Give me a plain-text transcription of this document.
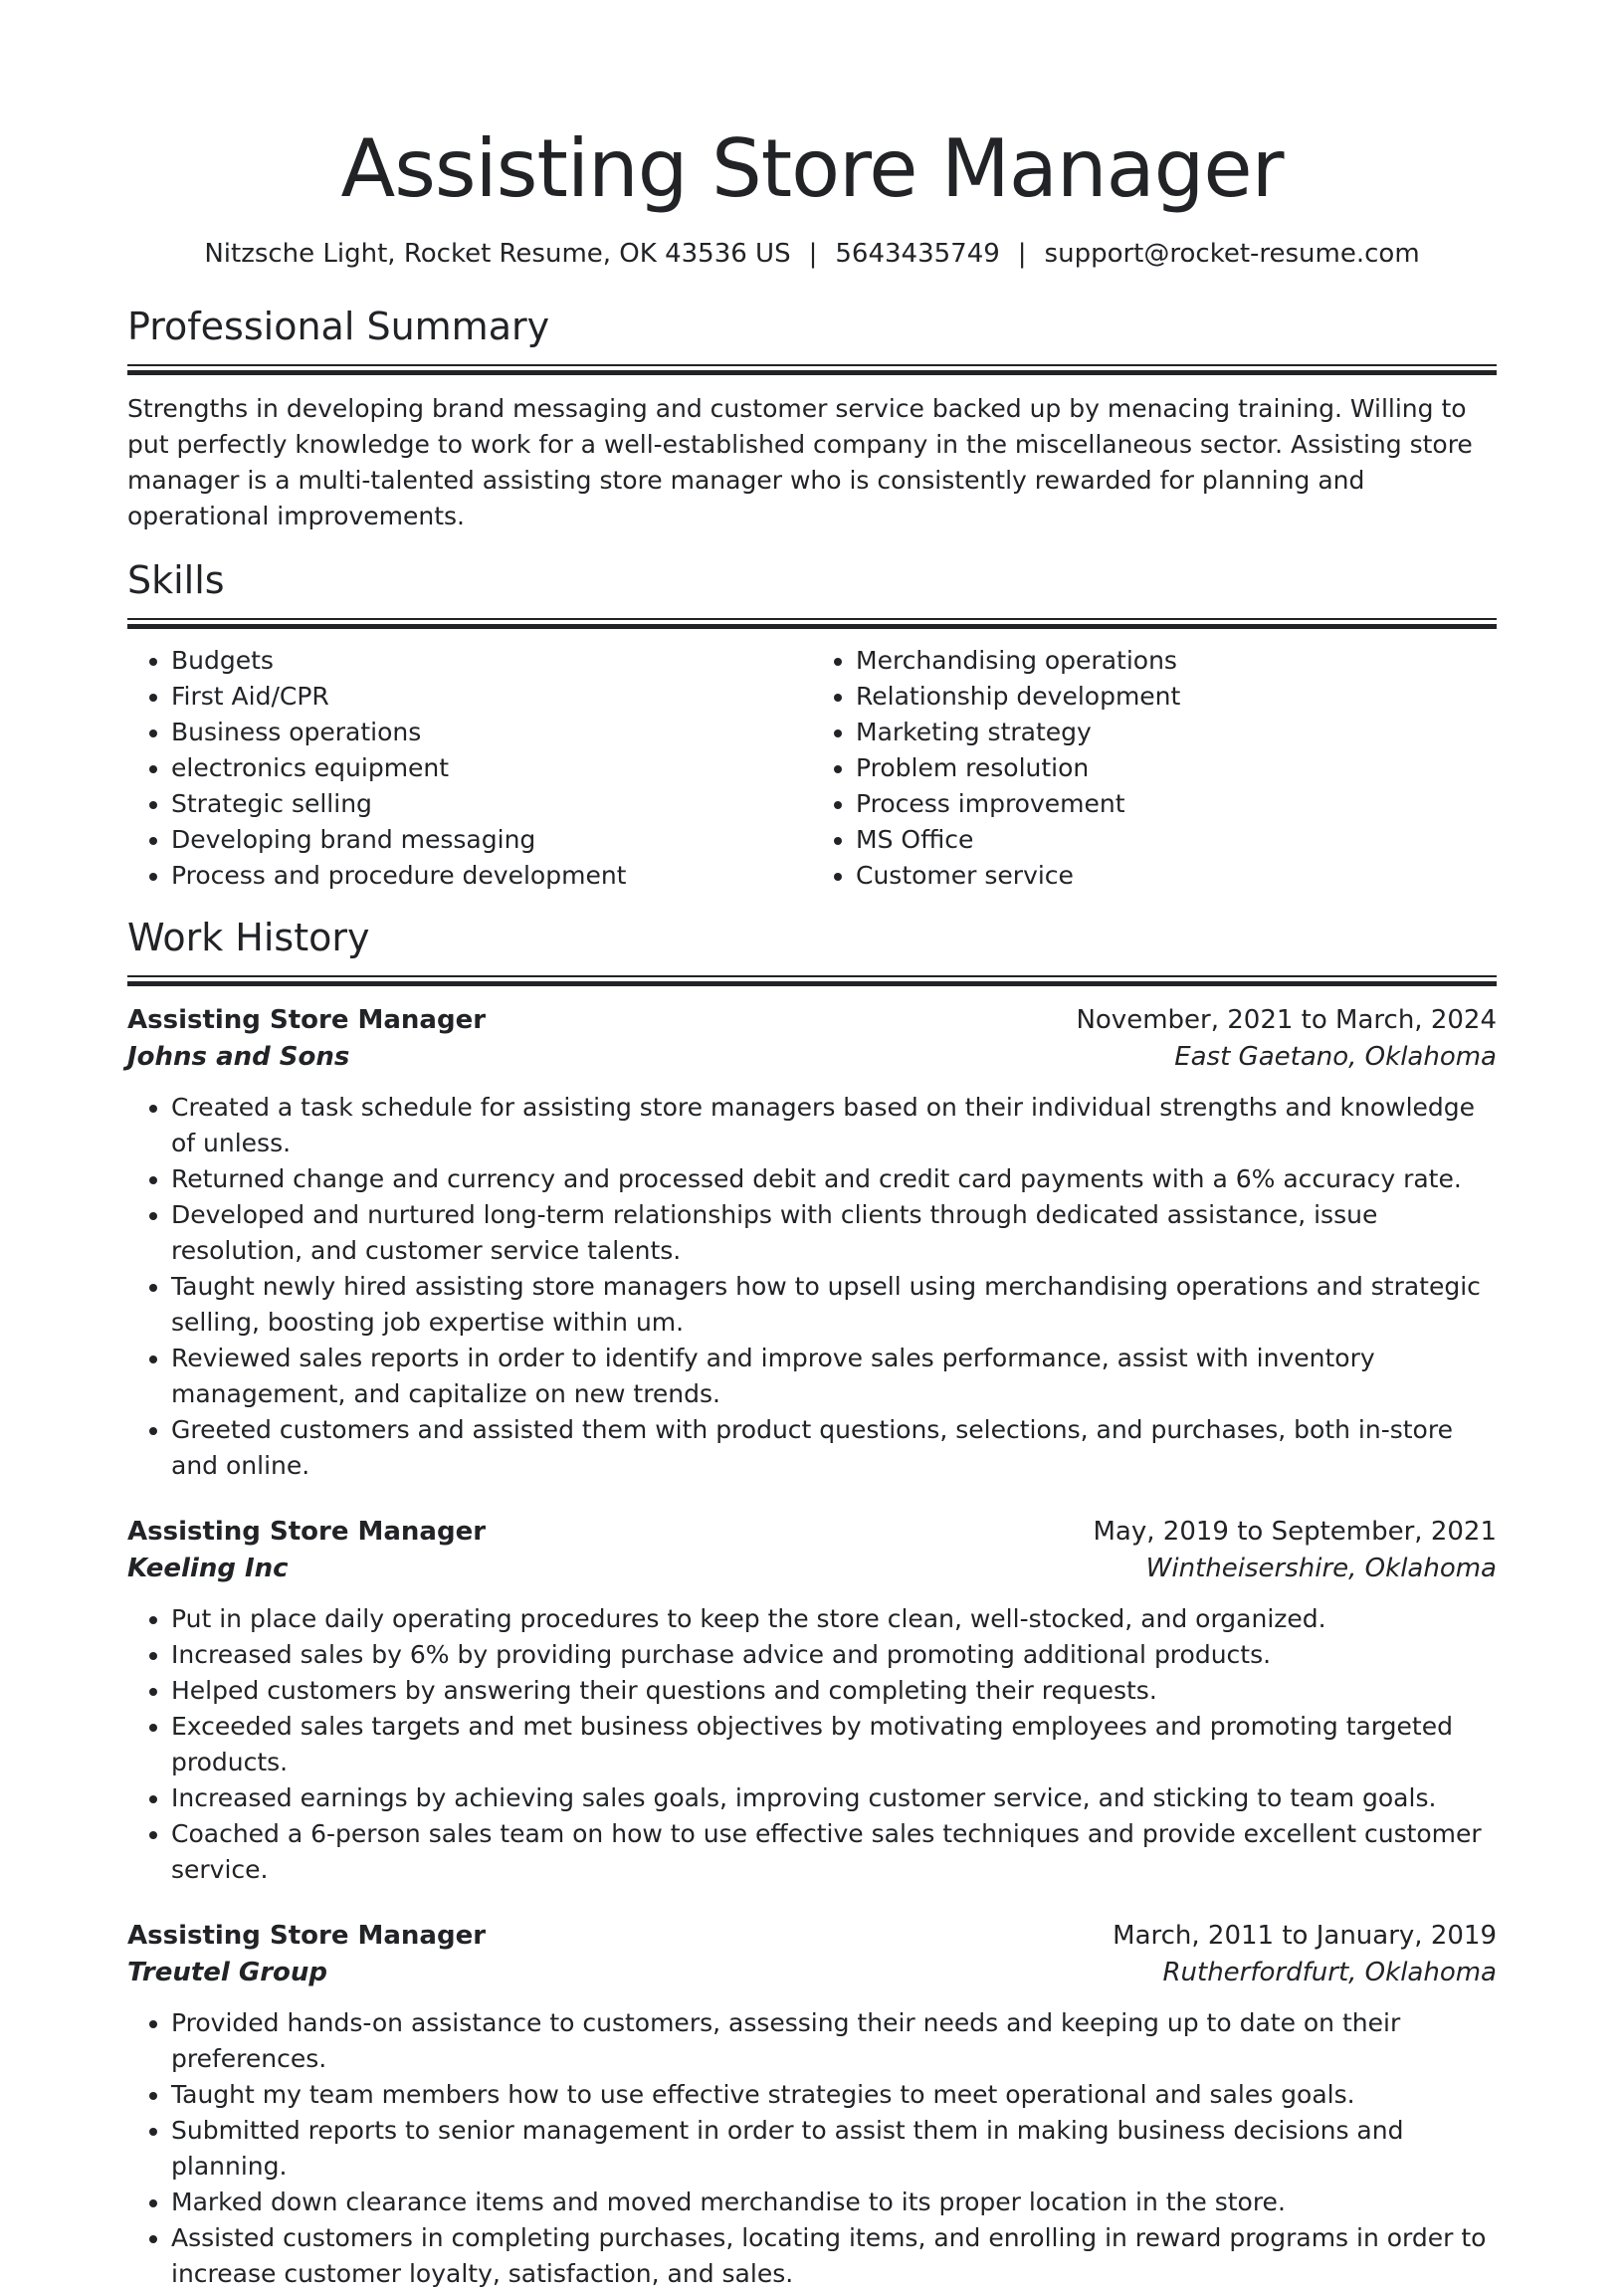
Assisting Store Manager
Nitzsche Light, Rocket Resume, OK 43536 US | 5643435749 | support@rocket-resume.com
Professional Summary

Strengths in developing brand messaging and customer service backed up by menacing training. Willing to put perfectly knowledge to work for a well-established company in the miscellaneous sector. Assisting store manager is a multi-talented assisting store manager who is consistently rewarded for planning and operational improvements.

Skills
• Budgets
• First Aid/CPR
• Business operations
• electronics equipment
• Strategic selling
• Developing brand messaging
• Process and procedure development
• Merchandising operations
• Relationship development
• Marketing strategy
• Problem resolution
• Process improvement
• MS Office
• Customer service
Work History
Assisting Store Manager	November, 2021 to March, 2024
Johns and Sons	East Gaetano, Oklahoma
• Created a task schedule for assisting store managers based on their individual strengths and knowledge of unless.
• Returned change and currency and processed debit and credit card payments with a 6% accuracy rate.
• Developed and nurtured long-term relationships with clients through dedicated assistance, issue resolution, and customer service talents.
• Taught newly hired assisting store managers how to upsell using merchandising operations and strategic selling, boosting job expertise within um.
• Reviewed sales reports in order to identify and improve sales performance, assist with inventory management, and capitalize on new trends.
• Greeted customers and assisted them with product questions, selections, and purchases, both in-store and online.
Assisting Store Manager	May, 2019 to September, 2021
Keeling Inc	Wintheisershire, Oklahoma
• Put in place daily operating procedures to keep the store clean, well-stocked, and organized.
• Increased sales by 6% by providing purchase advice and promoting additional products.
• Helped customers by answering their questions and completing their requests.
• Exceeded sales targets and met business objectives by motivating employees and promoting targeted products.
• Increased earnings by achieving sales goals, improving customer service, and sticking to team goals.
• Coached a 6-person sales team on how to use effective sales techniques and provide excellent customer service.
Assisting Store Manager	March, 2011 to January, 2019
Treutel Group	Rutherfordfurt, Oklahoma
• Provided hands-on assistance to customers, assessing their needs and keeping up to date on their preferences.
• Taught my team members how to use effective strategies to meet operational and sales goals.
• Submitted reports to senior management in order to assist them in making business decisions and planning.
• Marked down clearance items and moved merchandise to its proper location in the store.
• Assisted customers in completing purchases, locating items, and enrolling in reward programs in order to increase customer loyalty, satisfaction, and sales.
